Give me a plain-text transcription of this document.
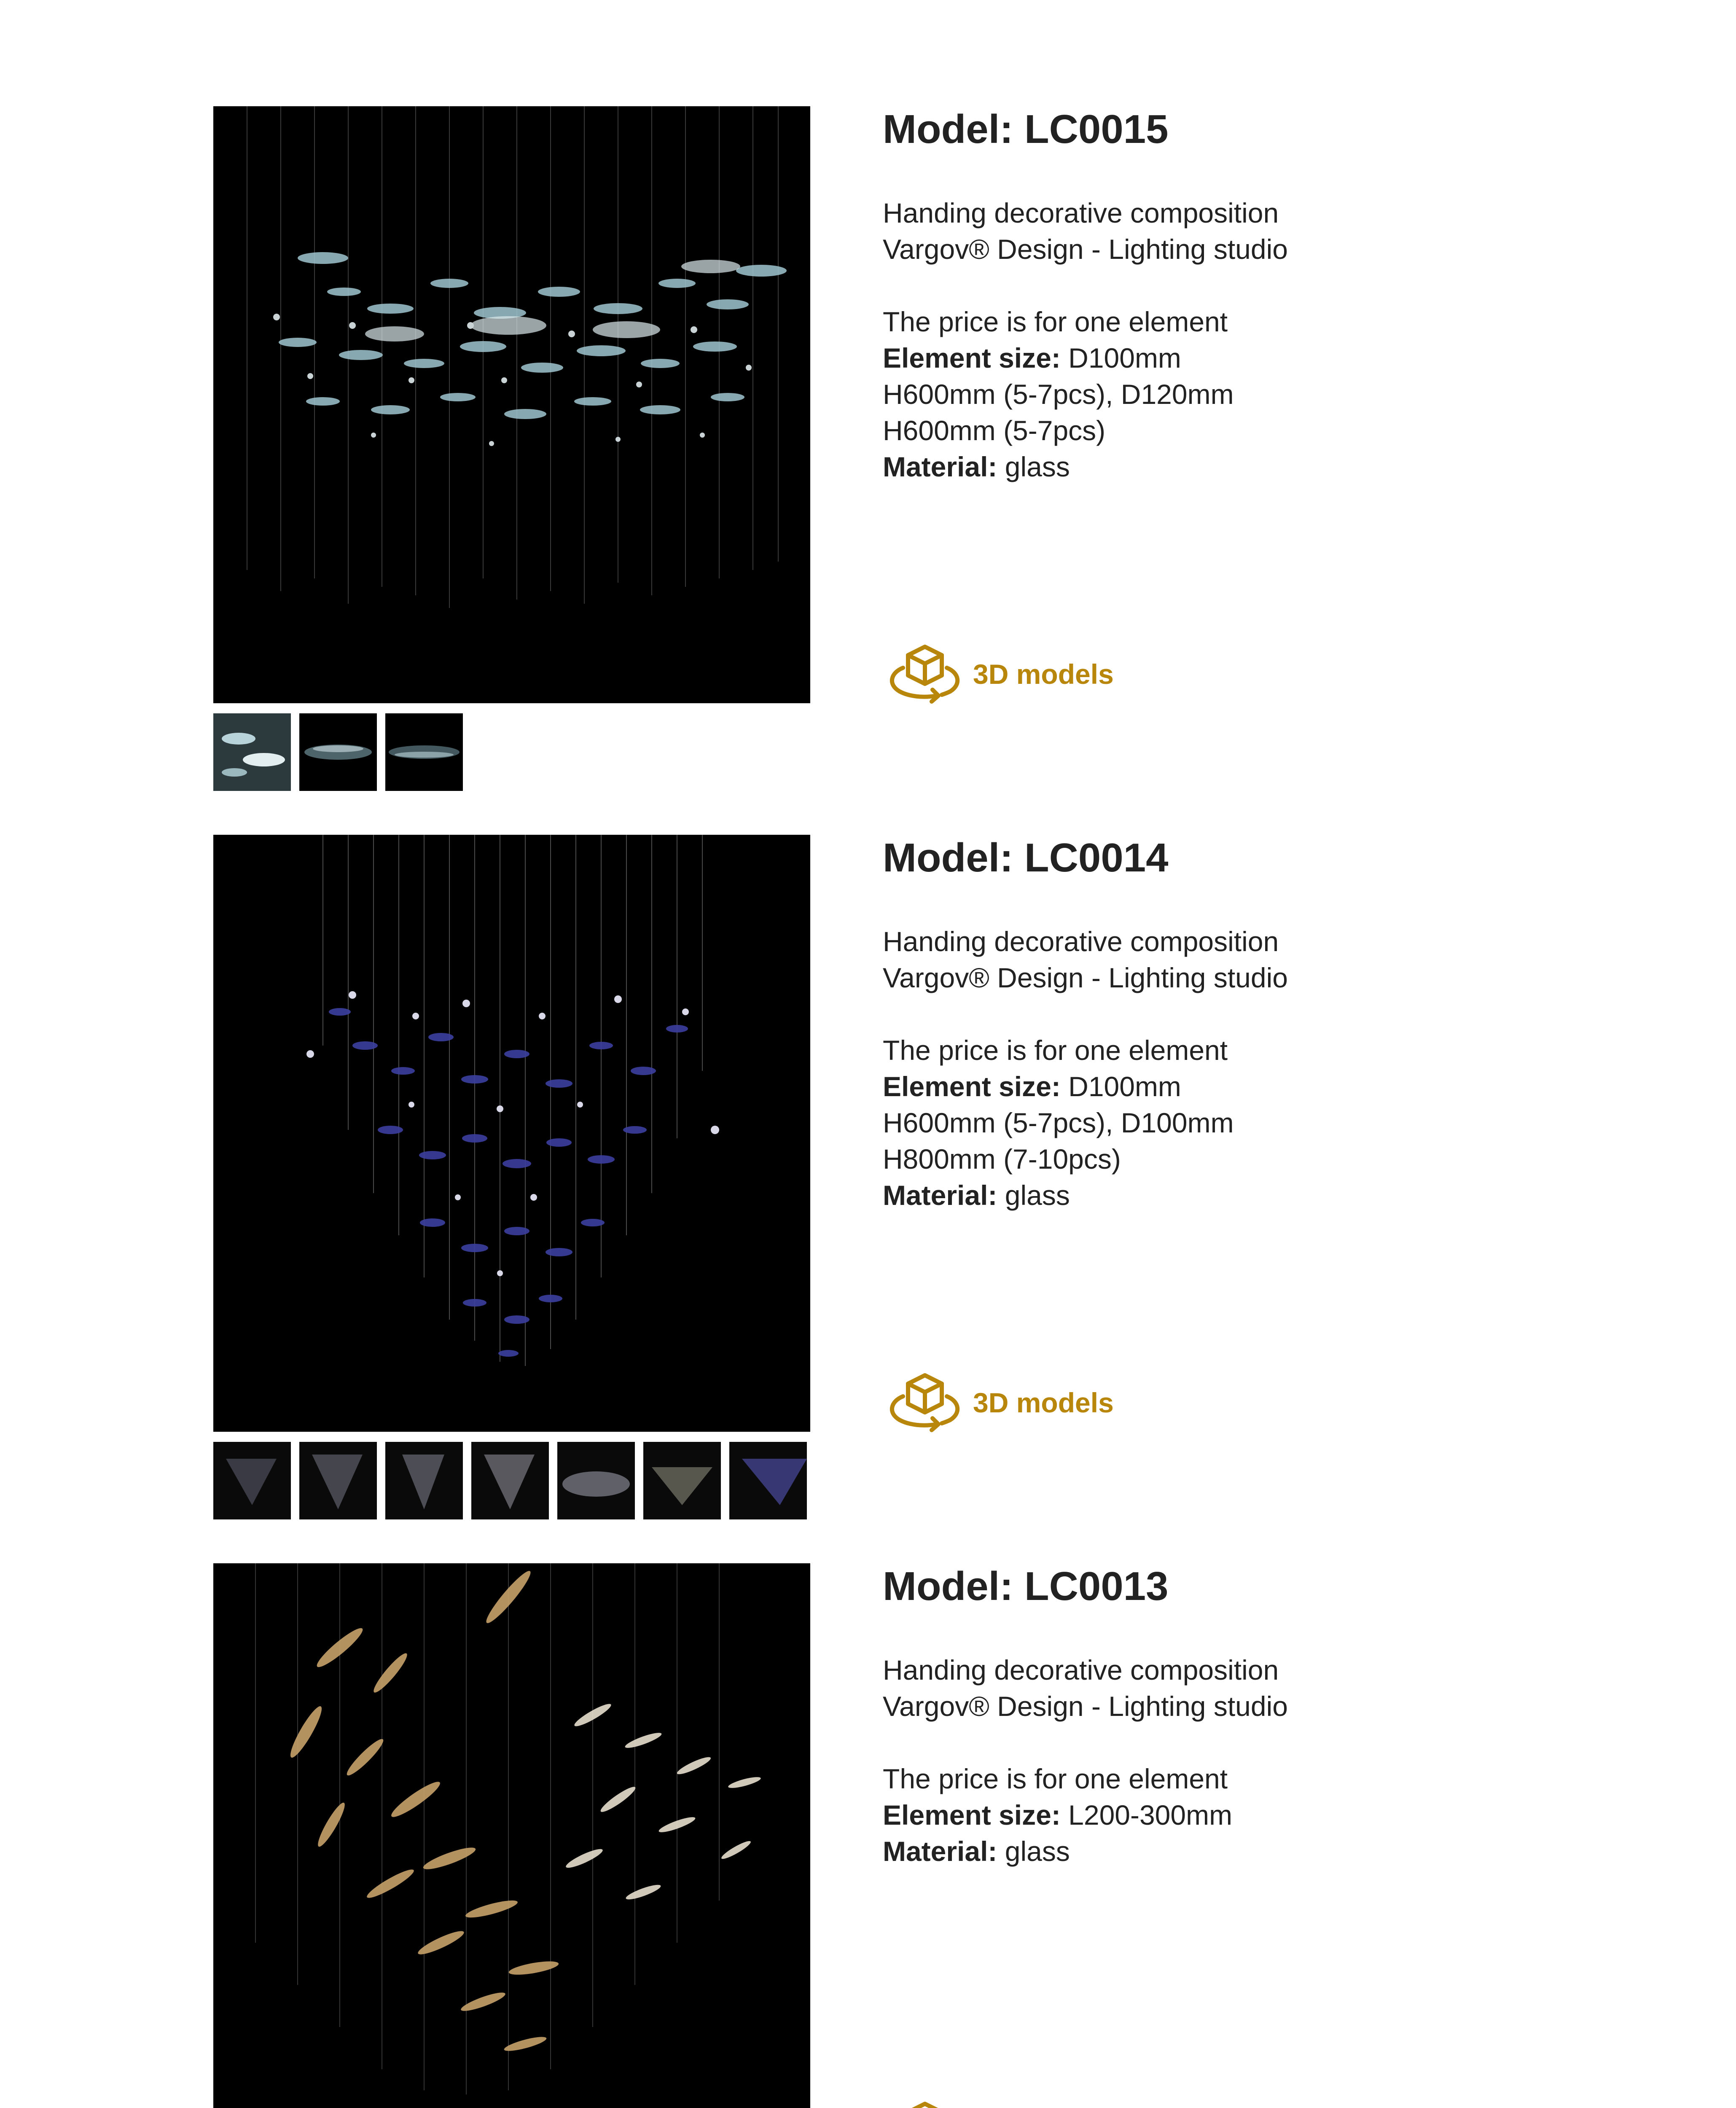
Model: LC0015
Handing decorative composition
Vargov® Design - Lighting studio
The price is for one element
Element size: D100mm
H600mm (5-7pcs), D120mm
H600mm (5-7pcs)
Material: glass
3D models
Model: LC0014
Handing decorative composition
Vargov® Design - Lighting studio
The price is for one element
Element size: D100mm
H600mm (5-7pcs), D100mm
H800mm (7-10pcs)
Material: glass
3D models
Model: LC0013
Handing decorative composition
Vargov® Design - Lighting studio
The price is for one element
Element size: L200-300mm
Material: glass
